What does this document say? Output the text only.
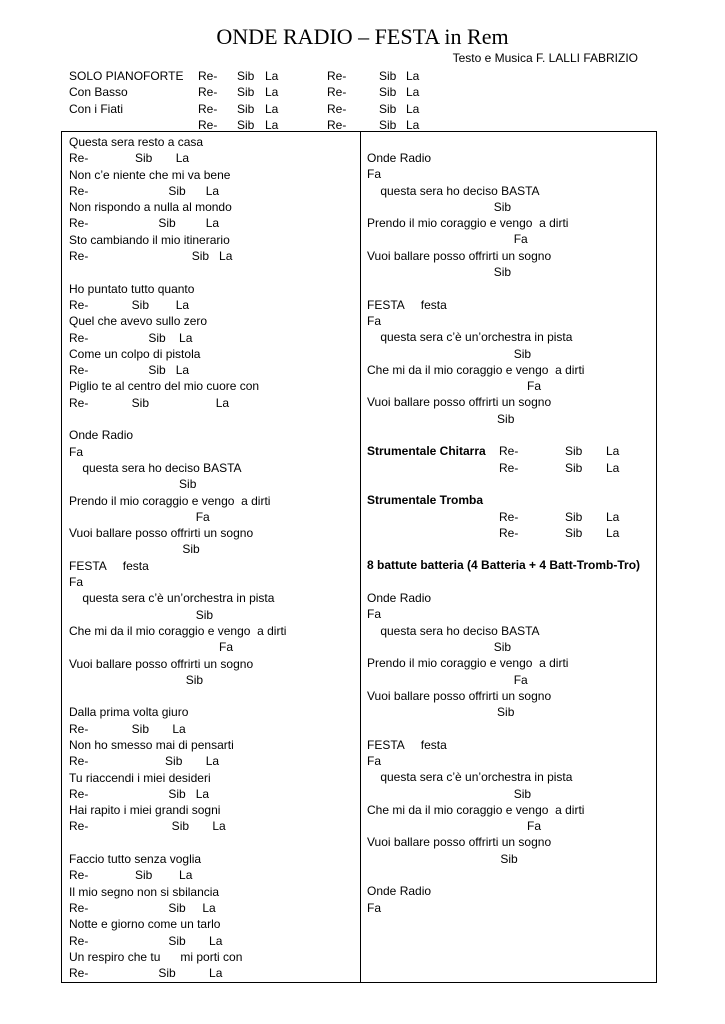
ONDE RADIO – FESTA in Rem
Testo e Musica F. LALLI FABRIZIO
SOLO PIANOFORTE Re- Sib La	Re-	Sib La
Con Basso	Re- Sib La	Re-	Sib La
Con i Fiati	Re- Sib La	Re-	Sib La
Re- Sib La	Re-	Sib La
Questa sera resto a casa
Re-              Sib       La
Non c’e niente che mi va bene
Re-                        Sib      La
Non rispondo a nulla al mondo
Re-                     Sib         La
Sto cambiando il mio itinerario
Re-                               Sib   La
Ho puntato tutto quanto
Re-             Sib        La
Quel che avevo sullo zero
Re-                  Sib    La
Come un colpo di pistola
Re-                  Sib   La
Piglio te al centro del mio cuore con
Re-             Sib                    La
Onde Radio
Fa
questa sera ho deciso BASTA
Sib
Prendo il mio coraggio e vengo  a dirti
Fa
Vuoi ballare posso offrirti un sogno
Sib
FESTA     festa
Fa
questa sera c’è un’orchestra in pista
Sib
Che mi da il mio coraggio e vengo  a dirti
Fa
Vuoi ballare posso offrirti un sogno
Sib
Dalla prima volta giuro
Re-             Sib       La
Non ho smesso mai di pensarti
Re-                       Sib       La
Tu riaccendi i miei desideri
Re-                        Sib   La
Hai rapito i miei grandi sogni
Re-                         Sib       La
Faccio tutto senza voglia
Re-              Sib        La
Il mio segno non si sbilancia
Re-                        Sib     La
Notte e giorno come un tarlo
Re-                        Sib       La
Un respiro che tu      mi porti con
Re-                     Sib          La
Onde Radio
Fa
questa sera ho deciso BASTA
Sib
Prendo il mio coraggio e vengo  a dirti
Fa
Vuoi ballare posso offrirti un sogno
Sib
FESTA     festa
Fa
questa sera c’è un’orchestra in pista
Sib
Che mi da il mio coraggio e vengo  a dirti
Fa
Vuoi ballare posso offrirti un sogno
Sib
Strumentale Chitarra Re-	Sib La
Re-	Sib La
Strumentale Tromba
Re-	Sib La
Re-	Sib La
8 battute batteria (4 Batteria + 4 Batt-Tromb-Tro)
Onde Radio
Fa
questa sera ho deciso BASTA
Sib
Prendo il mio coraggio e vengo  a dirti
Fa
Vuoi ballare posso offrirti un sogno
Sib
FESTA     festa
Fa
questa sera c’è un’orchestra in pista
Sib
Che mi da il mio coraggio e vengo  a dirti
Fa
Vuoi ballare posso offrirti un sogno
Sib
Onde Radio
Fa
